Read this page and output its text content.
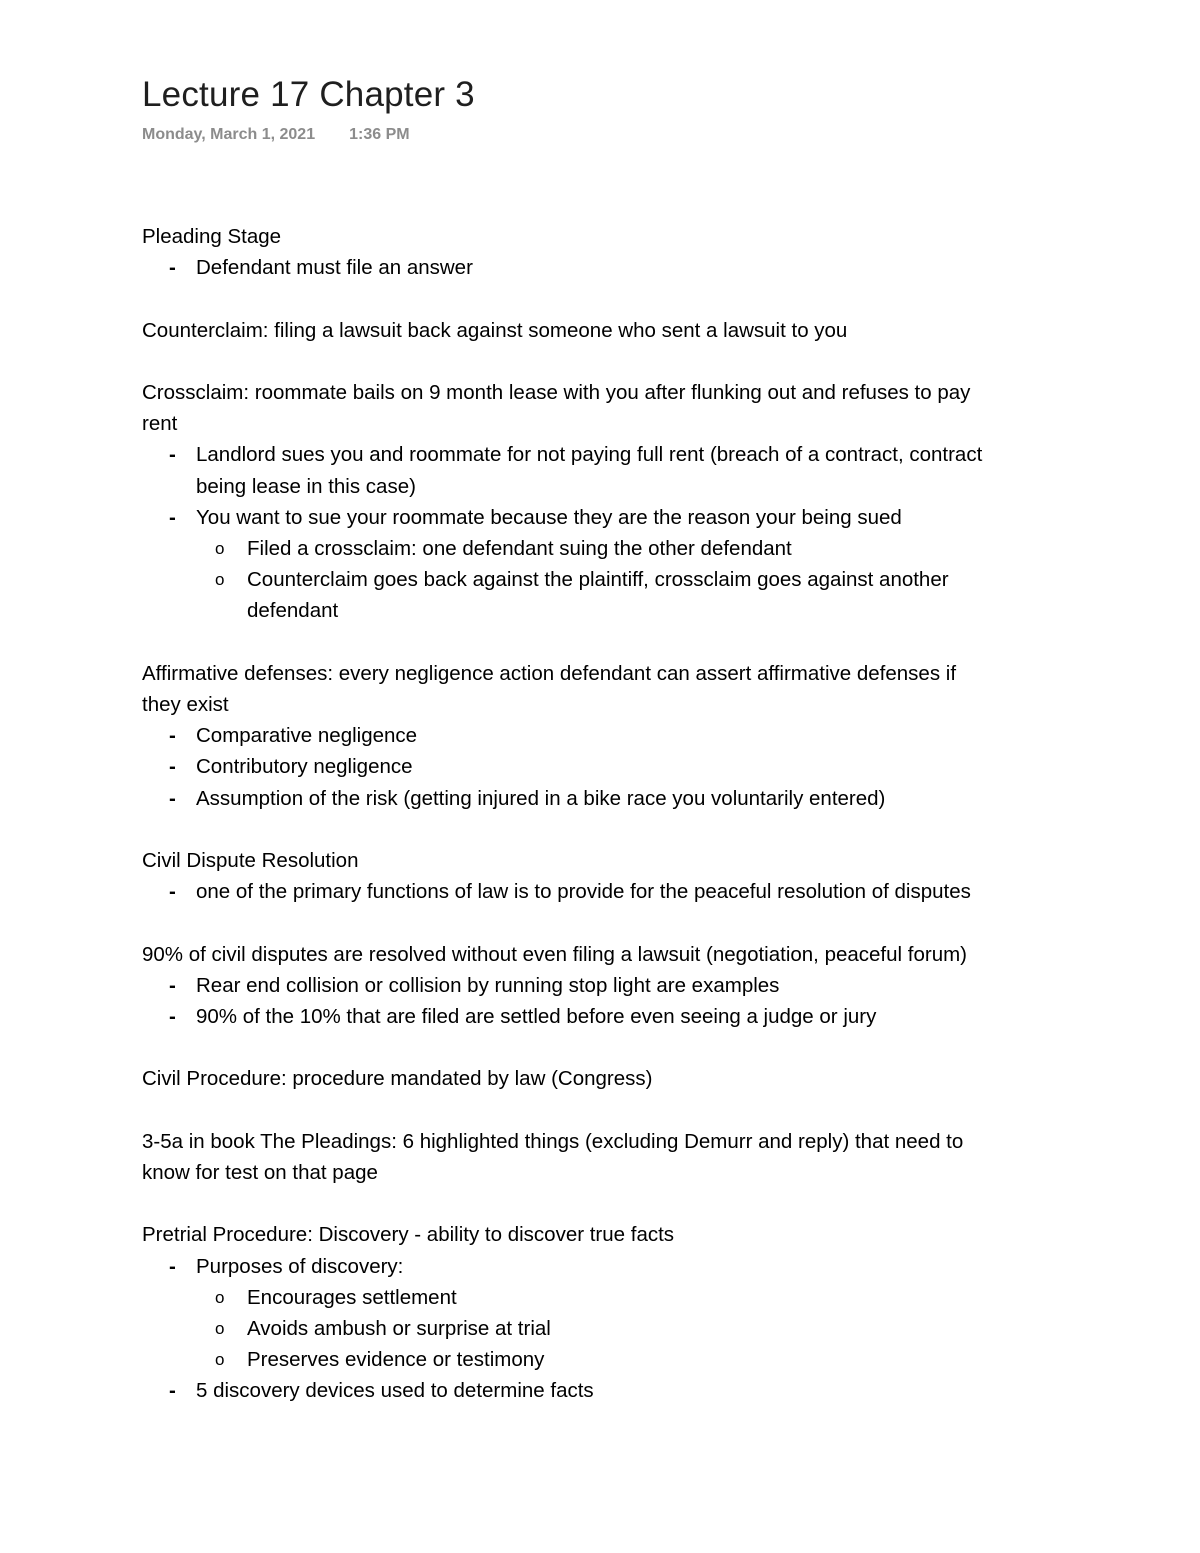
Lecture 17 Chapter 3
Monday, March 1, 2021 1:36 PM
Pleading Stage
- Defendant must file an answer
Counterclaim: filing a lawsuit back against someone who sent a lawsuit to you
Crossclaim: roommate bails on 9 month lease with you after flunking out and refuses to pay
rent
- Landlord sues you and roommate for not paying full rent (breach of a contract, contract
being lease in this case)
- You want to sue your roommate because they are the reason your being sued
o Filed a crossclaim: one defendant suing the other defendant
o Counterclaim goes back against the plaintiff, crossclaim goes against another
defendant
Affirmative defenses: every negligence action defendant can assert affirmative defenses if
they exist
- Comparative negligence
- Contributory negligence
- Assumption of the risk (getting injured in a bike race you voluntarily entered)
Civil Dispute Resolution
- one of the primary functions of law is to provide for the peaceful resolution of disputes
90% of civil disputes are resolved without even filing a lawsuit (negotiation, peaceful forum)
- Rear end collision or collision by running stop light are examples
- 90% of the 10% that are filed are settled before even seeing a judge or jury
Civil Procedure: procedure mandated by law (Congress)
3-5a in book The Pleadings: 6 highlighted things (excluding Demurr and reply) that need to
know for test on that page
Pretrial Procedure: Discovery - ability to discover true facts
- Purposes of discovery:
o Encourages settlement
o Avoids ambush or surprise at trial
o Preserves evidence or testimony
- 5 discovery devices used to determine facts
